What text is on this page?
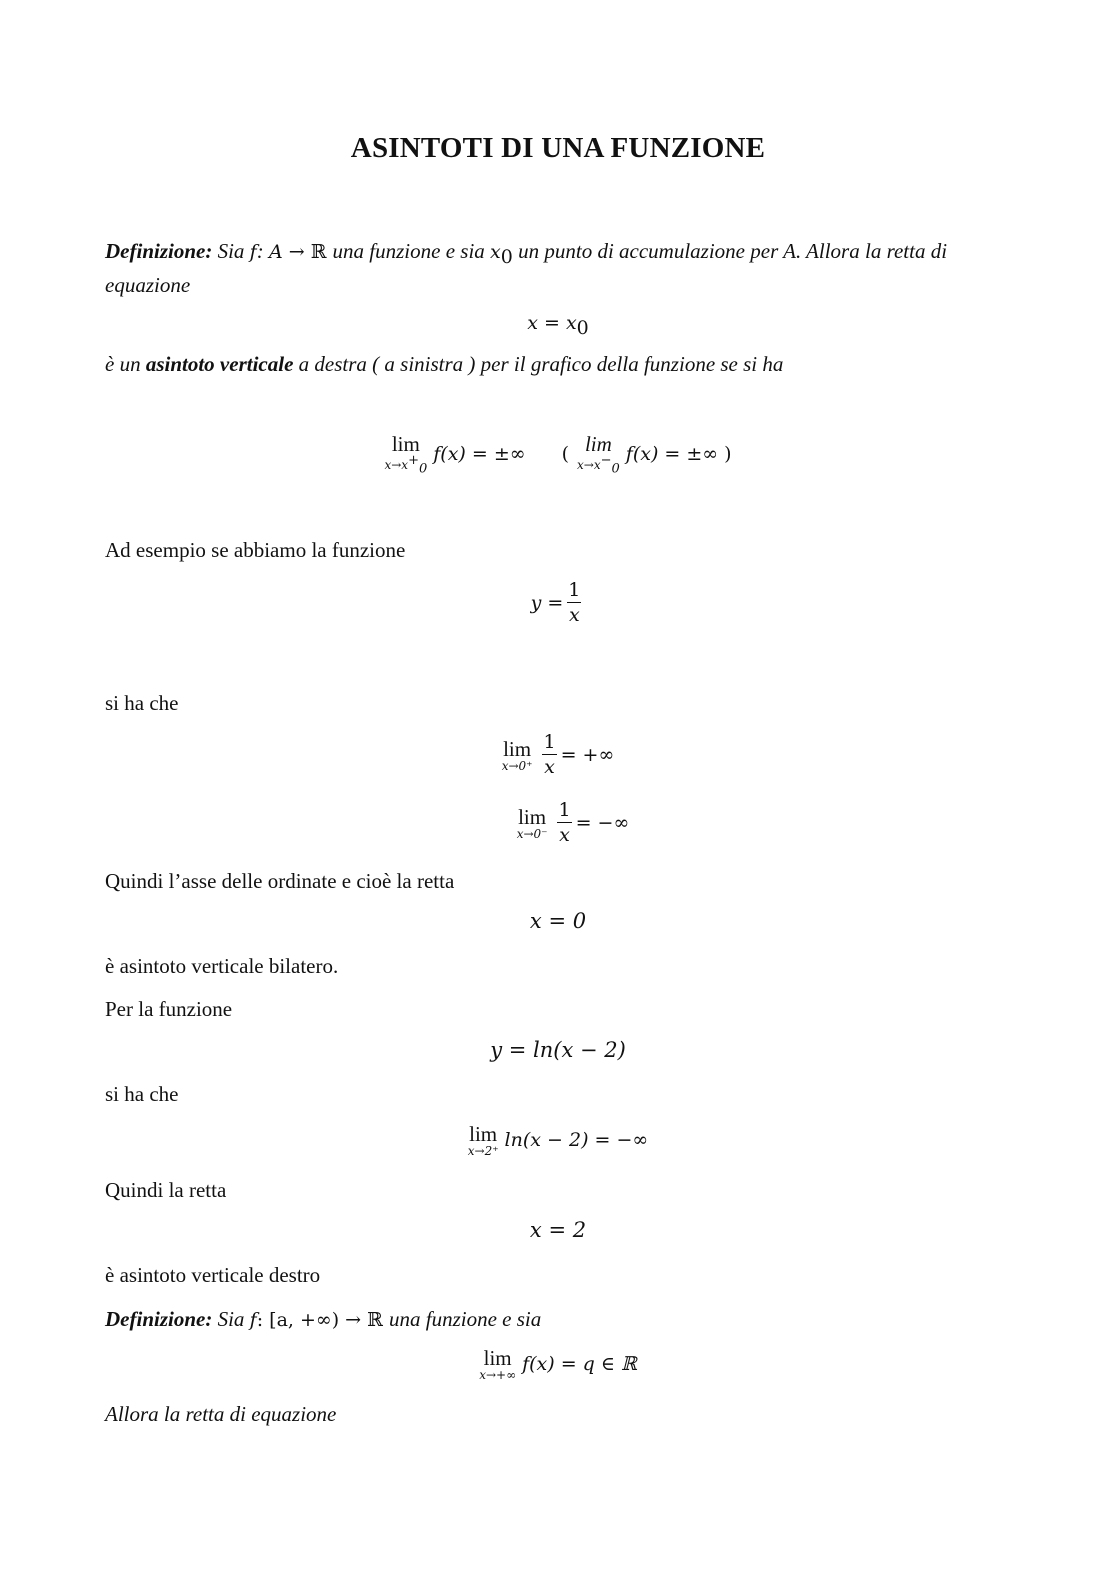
ASINTOTI DI UNA FUNZIONE
Definizione: Sia f: A → ℝ una funzione e sia $x_0$ un punto di accumulazione per A. Allora la retta di equazione
$x = x_0$
è un asintoto verticale a destra ( a sinistra ) per il grafico della funzione se si ha
lim
$x\to x^+_0$
f(x) = ±∞ ( lim
$x\to x^-_0$
f(x) = ±∞ )
Ad esempio se abbiamo la funzione
$y = \frac{1}{x}$
si ha che
lim
$x\to 0^+ \frac{1}{x}$ = +∞
lim
$x\to 0^- \frac{1}{x}$ = −∞
Quindi l’asse delle ordinate e cioè la retta
x = 0
è asintoto verticale bilatero.
Per la funzione
y = ln(x − 2)
si ha che
lim
x→2⁺ ln(x − 2) = −∞
Quindi la retta
x = 2
è asintoto verticale destro
Definizione: Sia f: [a, +∞) → ℝ una funzione e sia
lim
x→+∞ f(x) = q ∈ ℝ
Allora la retta di equazione
